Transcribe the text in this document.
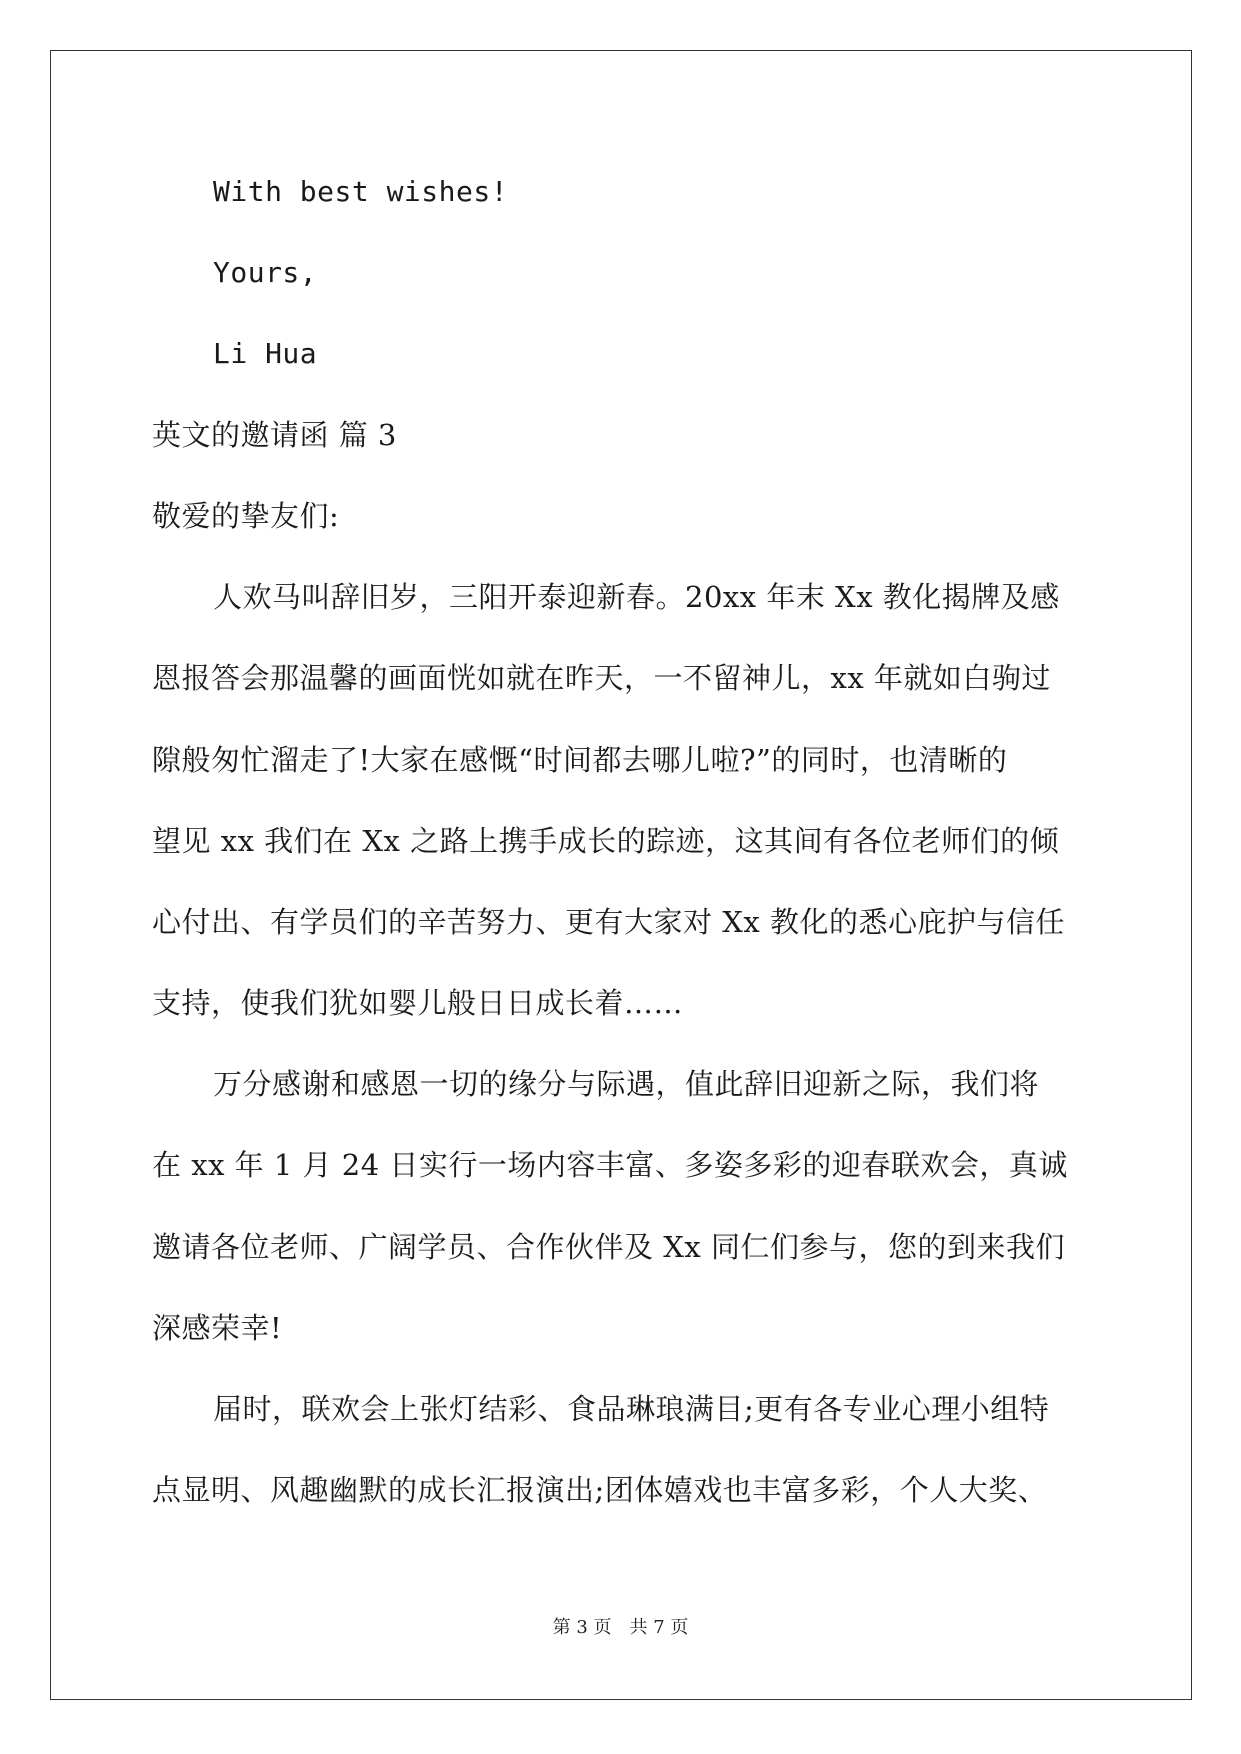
With best wishes!
Yours,
Li Hua
英文的邀请函 篇 3
敬爱的挚友们:
人欢马叫辞旧岁，三阳开泰迎新春。20xx 年末 Xx 教化揭牌及感
恩报答会那温馨的画面恍如就在昨天，一不留神儿，xx 年就如白驹过
隙般匆忙溜走了!大家在感慨“时间都去哪儿啦?”的同时，也清晰的
望见 xx 我们在 Xx 之路上携手成长的踪迹，这其间有各位老师们的倾
心付出、有学员们的辛苦努力、更有大家对 Xx 教化的悉心庇护与信任
支持，使我们犹如婴儿般日日成长着……
万分感谢和感恩一切的缘分与际遇，值此辞旧迎新之际，我们将
在 xx 年 1 月 24 日实行一场内容丰富、多姿多彩的迎春联欢会，真诚
邀请各位老师、广阔学员、合作伙伴及 Xx 同仁们参与，您的到来我们
深感荣幸!
届时，联欢会上张灯结彩、食品琳琅满目;更有各专业心理小组特
点显明、风趣幽默的成长汇报演出;团体嬉戏也丰富多彩，个人大奖、
第 3 页　共 7 页
